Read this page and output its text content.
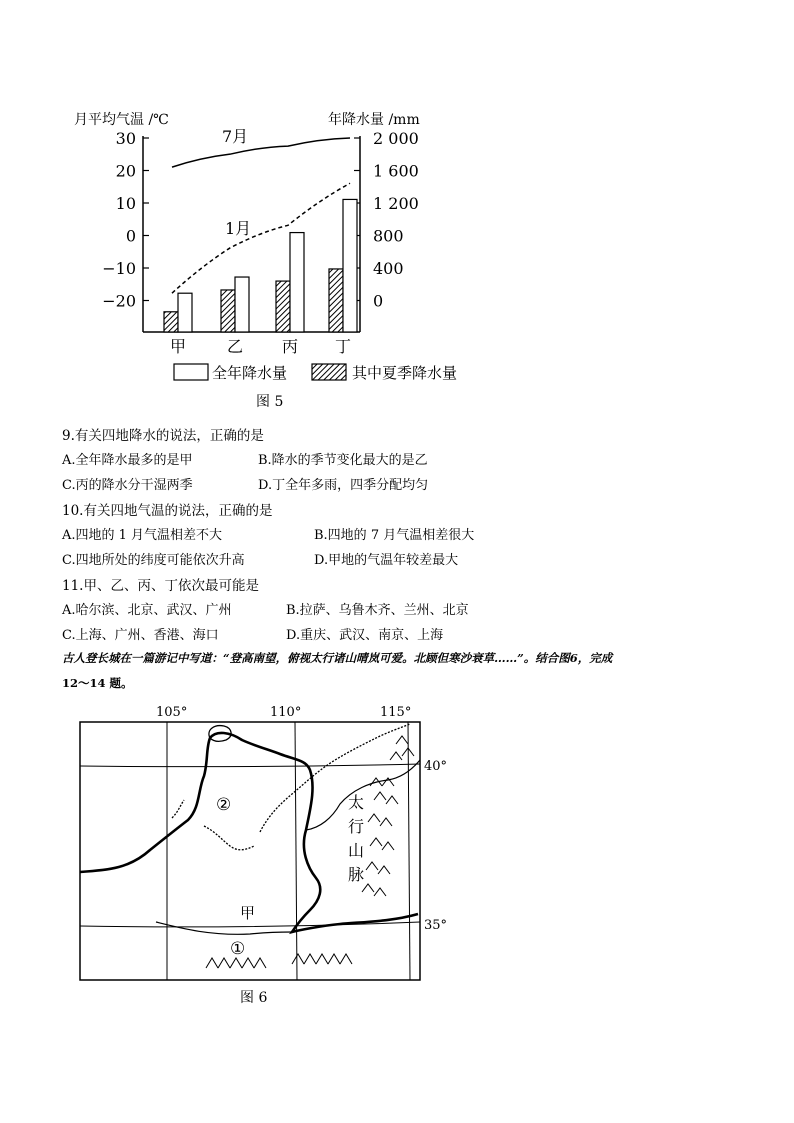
月平均气温 /℃	年降水量 /mm
30
20
10
0
−10
−20
2 000
1 600
1 200
800
400
0
7月
1月
甲	乙 丙 丁
全年降水量	其中夏季降水量
图 5
9.有关四地降水的说法，正确的是
A.全年降水最多的是甲	B.降水的季节变化最大的是乙
C.丙的降水分干湿两季	D.丁全年多雨，四季分配均匀
10.有关四地气温的说法，正确的是
A.四地的 1 月气温相差不大	B.四地的 7 月气温相差很大
C.四地所处的纬度可能依次升高	D.甲地的气温年较差最大
11.甲、乙、丙、丁依次最可能是
A.哈尔滨、北京、武汉、广州	B.拉萨、乌鲁木齐、兰州、北京
C.上海、广州、香港、海口	D.重庆、武汉、南京、上海
古人登长城在一篇游记中写道：“登高南望，俯视太行诸山晴岚可爱。北顾但寒沙衰草……”。结合图6，完成
12～14 题。
105°	110°	115°
40°
35°
甲
①
②	太
行
山
脉
图 6
